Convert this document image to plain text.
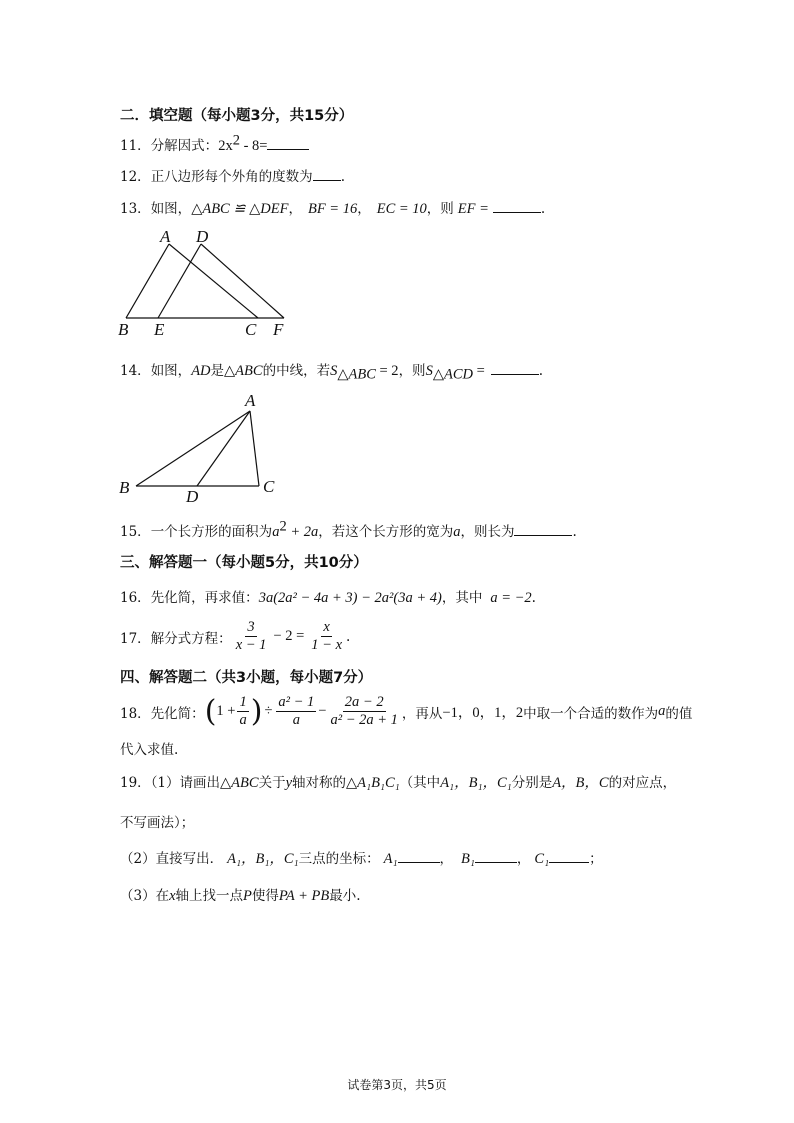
二．填空题（每小题3分，共15分）
11．分解因式：$2x^2 - 8=$
12．正八边形每个外角的度数为 .
13．如图，△ABC ≌ △DEF， BF = 16， EC = 10，则 EF =	.
A D
B E	C F
14．如图，AD是△ABC的中线，若$S_{\triangle ABC} = 2$，则$S_{\triangle ACD}$ =	.
A
B	C
D
15．一个长方形的面积为$a^2 + 2a$，若这个长方形的宽为a，则长为	.
三、解答题一（每小题5分，共10分）
16．先化简，再求值：3a(2a² − 4a + 3) − 2a²(3a + 4)，其中 a = −2.
17． 解分式方程： $\frac{3}{x - 1} - 2 = \frac{x}{1 - x}$ .
四、解答题二（共3小题，每小题7分）
18． 先化简： ( $1 + \frac{1}{a}$ ) ÷ $\frac{\text{a² − 1}}{a} - \frac{2a - 2}{\text{a² − 2a + 1}}$ ，再从 −1，0，1，2 中取一个合适的数作为 a 的值
代入求值.
19．（1）请画出△ABC关于y轴对称的△A₁B₁C₁（其中A₁，B₁，C₁分别是A，B，C的对应点，
不写画法）；
（2）直接写出． A₁，B₁，C₁三点的坐标： A₁	， B₁	， C₁	；
（3）在x轴上找一点P使得PA + PB最小.
试卷第3页，共5页
